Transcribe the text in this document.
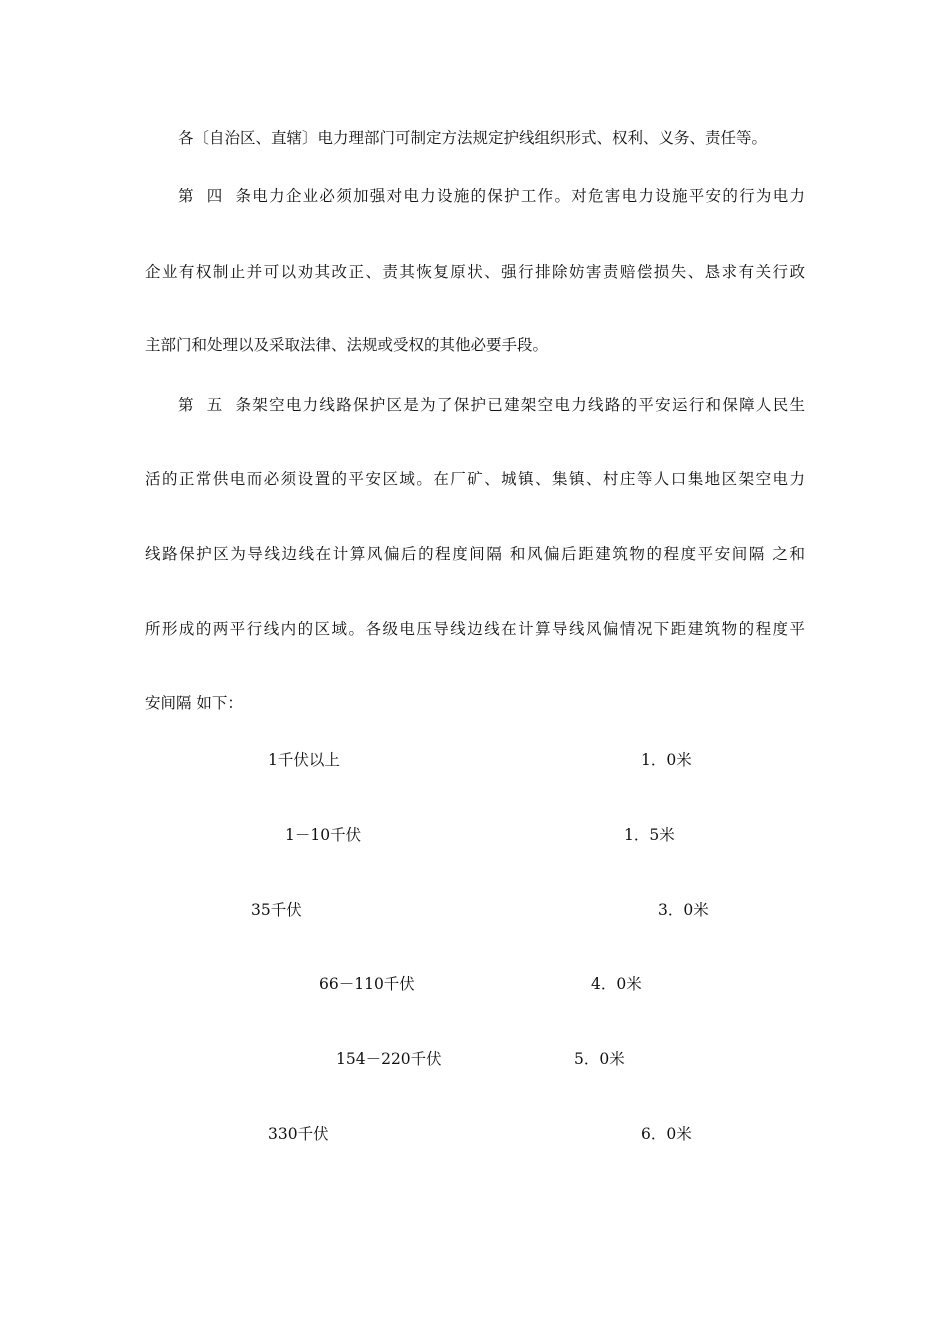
各〔自治区、直辖〕电力理部门可制定方法规定护线组织形式、权利、义务、责任等。
第四条电力企业必须加强对电力设施的保护工作。对危害电力设施平安的行为电力
企业有权制止并可以劝其改正、责其恢复原状、强行排除妨害责赔偿损失、恳求有关行政
主部门和处理以及采取法律、法规或受权的其他必要手段。
第五条架空电力线路保护区是为了保护已建架空电力线路的平安运行和保障人民生
活的正常供电而必须设置的平安区域。在厂矿、城镇、集镇、村庄等人口集地区架空电力
线路保护区为导线边线在计算风偏后的程度间隔 和风偏后距建筑物的程度平安间隔 之和
所形成的两平行线内的区域。各级电压导线边线在计算导线风偏情况下距建筑物的程度平
安间隔 如下：
1千伏以上	1．0米
1－10千伏	1．5米
35千伏	3．0米
66－110千伏	4．0米
154－220千伏	5．0米
330千伏	6．0米
